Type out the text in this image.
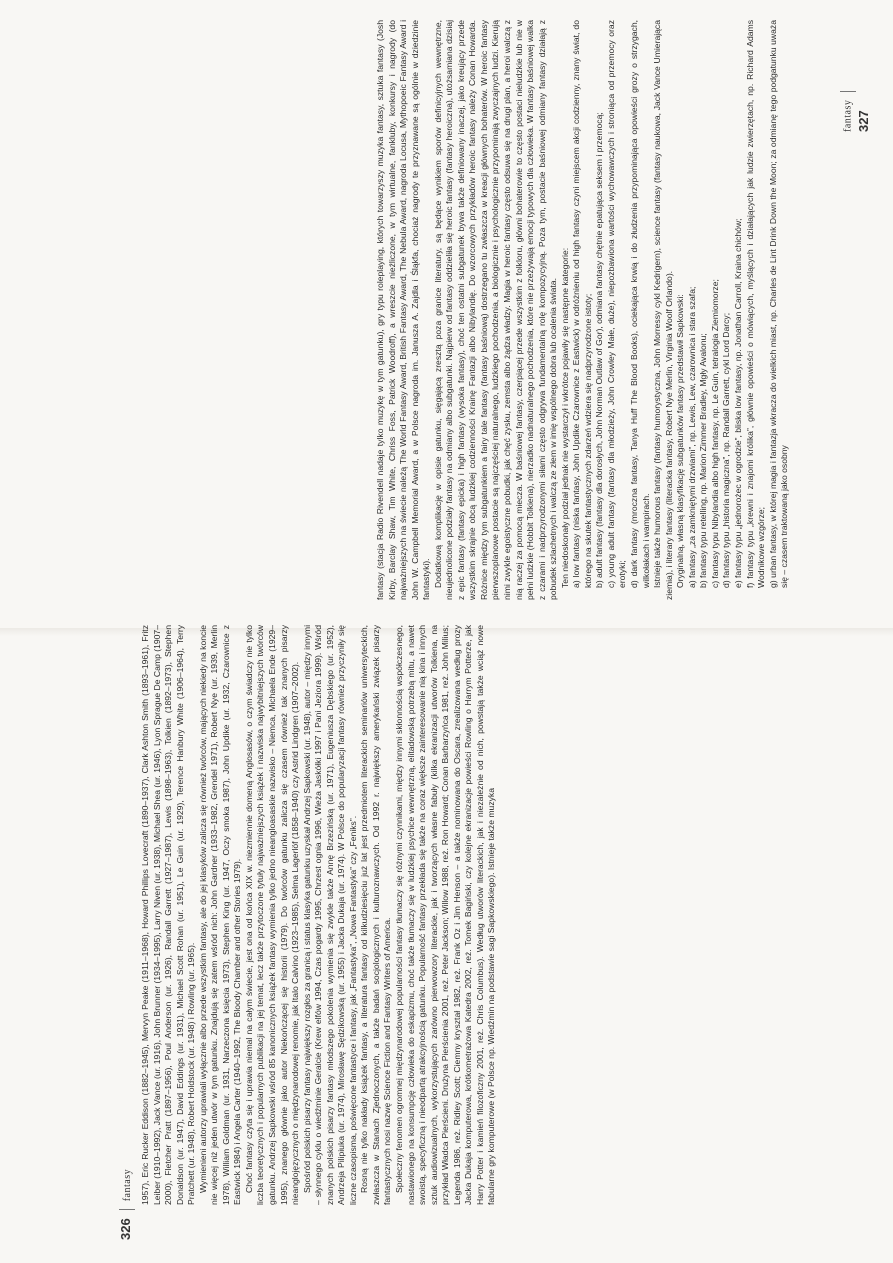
1957), Eric Rucker Eddison (1882–1945), Mervyn Peake (1911–1968), Howard Phillips Lovecraft (1890–1937), Clark Ashton Smith (1893–1961), Fritz Leiber (1910–1992), Jack Vance (ur. 1916), John Brunner (1934–1995), Larry Niven (ur. 1938), Michael Shea (ur. 1946), Lyon Sprague De Camp (1907–2000), Fletcher Pratt (1897–1956), Poul Anderson (ur. 1926), Randall Garrett (1927–1987), Lewis (1898–1963), Tolkien (1892–1973), Stephen Donaldson (ur. 1947), David Eddings (ur. 1931), Michael Scott Rohan (ur. 1951), Le Guin (ur. 1929), Terence Hanbury White (1906–1964), Terry Pratchett (ur. 1948), Robert Holdstock (ur. 1948) i Rowling (ur. 1965). Wymienieni autorzy uprawiali wyłącznie albo przede wszystkim fantasy, ale do jej klasyków zalicza się również twórców, mających niekiedy na koncie nie więcej niż jeden utwór w tym gatunku. Znajdują się zatem wśród nich: John Gardner (1933–1982, Grendel 1971), Robert Nye (ur. 1939, Merlin 1978), William Goldman (ur. 1931, Narzeczona księcia 1973), Stephen King (ur. 1947, Oczy smoka 1987), John Updike (ur. 1932, Czarownice z Eastwick 1984) i Angela Carter (1940–1992, The Bloody Chamber and other Stories 1979). Choć fantasy czyta się i uprawia niemal na całym świecie, jest ona od końca XIX w. niezmiennie domeną Anglosasów, o czym świadczy nie tylko liczba teoretycznych i popularnych publikacji na jej temat, lecz także przytoczone tytuły najważniejszych książek i nazwiska najwybitniejszych twórców gatunku. Andrzej Sapkowski wśród 85 kanonicznych książek fantasy wymienia tylko jedno nieangloasaskie nazwisko – Niemca, Michaela Ende (1929–1995), znanego głównie jako autor Niekończącej się historii (1979). Do twórców gatunku zalicza się czasem również tak znanych pisarzy nieanglojęzycznych o międzynarodowej renomie, jak Italo Calvino (1923–1985), Selma Lagerlöf (1858–1940) czy Astrid Lindgren (1907–2002). Spośród polskich pisarzy fantasy największy rozgłos za granicą i status klasyka gatunku uzyskał Andrzej Sapkowski (ur. 1948), autor – między innymi – słynnego cyklu o wiedźminie Geralcie (Krew elfów 1994, Czas pogardy 1995, Chrzest ognia 1996, Wieża Jaskółki 1997 i Pani Jeziora 1999). Wśród znanych polskich pisarzy fantasy młodszego pokolenia wymienia się zwykle także Annę Brzezińską (ur. 1971), Eugeniusza Dębskiego (ur. 1952), Andrzeja Pilipiuka (ur. 1974), Mirosławę Sędzikowską (ur. 1955) i Jacka Dukaja (ur. 1974). W Polsce do popularyzacji fantasy również przyczyniły się liczne czasopisma, poświęcone fantastyce i fantasy, jak „Fantastyka”, „Nowa Fantastyka” czy „Feniks”. Rosną nie tylko nakłady książek fantasy, a literatura fantasy od kilkudziesięciu już lat jest przedmiotem literackich seminariów uniwersyteckich, zwłaszcza w Stanach Zjednoczonych, a także badań socjologicznych i kulturoznawczych. Od 1992 r. największy amerykański związek pisarzy fantastycznych nosi nazwę Science Fiction and Fantasy Writers of America. Społeczny fenomen ogromnej międzynarodowej popularności fantasy tłumaczy się różnymi czynnikami, między innymi skłonnością współczesnego, nastawionego na konsumpcję człowieka do eskapizmu, choć także tłumaczy się w ludzkiej psychice wewnętrzną, elitadowską potrzebą mitu, a nawet swoistą, specyficzną i nieodpartą atrakcyjnością gatunku. Popularność fantasy przekłada się także na coraz większe zainteresowanie nią kina i innych sztuk audiowizualnych, wykorzystujących zarówno pierwowzory literackie, jak i tworzących własne fabuły (kilka ekranizacji utworów Tolkiena, na przykład Władca Pierścieni. Drużyna Pierścienia 2001, reż. Peter Jackson; Willow 1988, reż. Ron Howard; Conan Barbarzyńca 1981, reż. John Milius; Legenda 1986, reż. Ridley Scott; Ciemny kryształ 1982, reż. Frank Oz i Jim Henson – a także nominowana do Oscara, zrealizowana według prozy Jacka Dukaja komputerowa, krótkometrażowa Katedra 2002, reż. Tomek Bagiński, czy kolejne ekranizacje powieści Rowling o Harrym Potterze, jak Harry Potter i kamień filozoficzny 2001, reż. Chris Columbus). Według utworów literackich, jak i niezależnie od nich, powstają także wciąż nowe fabularne gry komputerowe (w Polsce np. Wiedźmin na podstawie sagi Sapkowskiego). Istnieje także muzyka

326fantasy

fantasy (stacja Radio Rivendell nadaje tylko muzykę w tym gatunku), gry typu roleplaying, których towarzyszy muzyka fantasy, sztuka fantasy (Josh Kirby, Barclay Shaw, Tim White, Chriss Foss, Patrick Woodroff), a wreszcie nieźliczone, w tym wirtualne, fankluby, konkursy i nagrody (do najważniejszych na świecie należą The World Fantasy Award, British Fantasy Award, The Nebula Award, nagroda Locusa, Mythopoeic Fantasy Award i John W. Campbell Memorial Award, a w Polsce nagroda im. Janusza A. Zajdla i Śląkfa, chociaż nagrody te przyznawane są ogólnie w dziedzinie fantastyki). Dodatkową komplikację w opisie gatunku, sięgającą zresztą poza granice literatury, są będące wynikiem sporów definicyjnych wewnętrzne, nieujednolicone podziały fantasy na odmiany albo subgatunki. Najpierw od fantasy oddzieliła się heroic fantasy (fantasy heroiczna), utożsamiana dzisiaj z epic fantasy (fantasy epicka) i high fantasy (wysoka fantasy), choć ten ostatni subgatunek bywa także definiowany inaczej, jako kreujący przede wszystkim skrajnie obcą ludzkiej codzienności Krainę Fantazji albo Nibylandię. Do wzorcowych przykładów heroic fantasy należy Conan Howarda. Różnice między tym subgatunkiem a fairy tale fantasy (fantasy baśniową) dostrzegano tu zwłaszcza w kreacji głównych bohaterów. W heroic fantasy pierwszoplanowe postacie są najczęściej naturalnego, ludzkiego pochodzenia, a biologicznie i psychologicznie przypominają zwyczajnych ludzi. Kierują nimi zwykle egoistyczne pobudki, jak chęć zysku, zemsta albo żądza władzy. Magia w heroic fantasy często odsuwa się na drugi plan, a heroi walczą z nią raczej za pomocą miecza. W baśniowej fantasy, czerpiącej przede wszystkim z folkloru, główni bohaterowie to często postaci nieludzkie lub nie w pełni ludzkie (Hobbit Tolkiena), nierzadko nadnaturalnego pochodzenia, które nie przeżywają emocji typowych dla człowieka. W fantasy baśniowej walka z czarami i nadprzyrodzonymi siłami często odgrywa fundamentalną rolę kompozycyjną. Poza tym, postacie baśniowej odmiany fantasy działają z pobudek szlachetnych i walczą ze złem w imię wspólnego dobra lub ocalenia świata. Ten niedoskonały podział jednak nie wystarczył i wkrótce pojawiły się następne kategorie: a) low fantasy (niska fantasy, John Updike Czarownice z Eastwick) w odróżnieniu od high fantasy czyni miejscem akcji codzienny, znany świat, do którego na skutek fantastycznych zdarzeń wdziera się nadprzyrodzone istoty; b) adult fantasy (fantasy dla dorosłych, John Norman Outlaw of Gor), odmiana fantasy chętnie epatująca seksem i przemocą; c) young adult fantasy (fantasy dla młodzieży, John Crowley Małe, duże), niepozbawiona wartości wychowawczych i stroniąca od przemocy oraz erotyki; d) dark fantasy (mroczna fantasy, Tanya Huff The Blood Books), ociekająca krwią i do złudzenia przypominająca opowieści grozy o strzygach, wilkołakach i wampirach. Istnieje także humorous fantasy (fantasy humorystyczna, John Morressy cykl Kedrigern), science fantasy (fantasy naukowa, Jack Vance Umierająca ziemia), i literary fantasy (literacka fantasy, Robert Nye Merlin, Virginia Woolf Orlando). Oryginalną, własną klasyfikację subgatunków fantasy przedstawił Sapkowski: a) fantasy „za zamkniętymi drzwiami”, np. Lewis, Lew, czarownica i stara szafa; b) fantasy typu retelling, np. Marion Zimmer Bradley, Mgły Avalonu; c) fantasy typu Nibylandia albo high fantasy, np. Le Guin, tetralogia Ziemiomorze; d) fantasy typu „historia magiczna”, np. Randall Garrett, cykl Lord Darcy; e) fantasy typu „jednorożec w ogrodzie”, bliska low fantasy, np. Jonathan Carroll, Kraina chichów; f) fantasy typu „krewni i znajomi królika”, głównie opowieści o mówiących, myślących i działających jak ludzie zwierzętach, np. Richard Adams Wodnikowe wzgórze; g) urban fantasy, w której magia i fantazja wkracza do wielkich miast, np. Charles de Lint Drink Down the Moon; za odmianę tego podgatunku uważa się – czasem traktowaną jako osobny

fantasy 327
